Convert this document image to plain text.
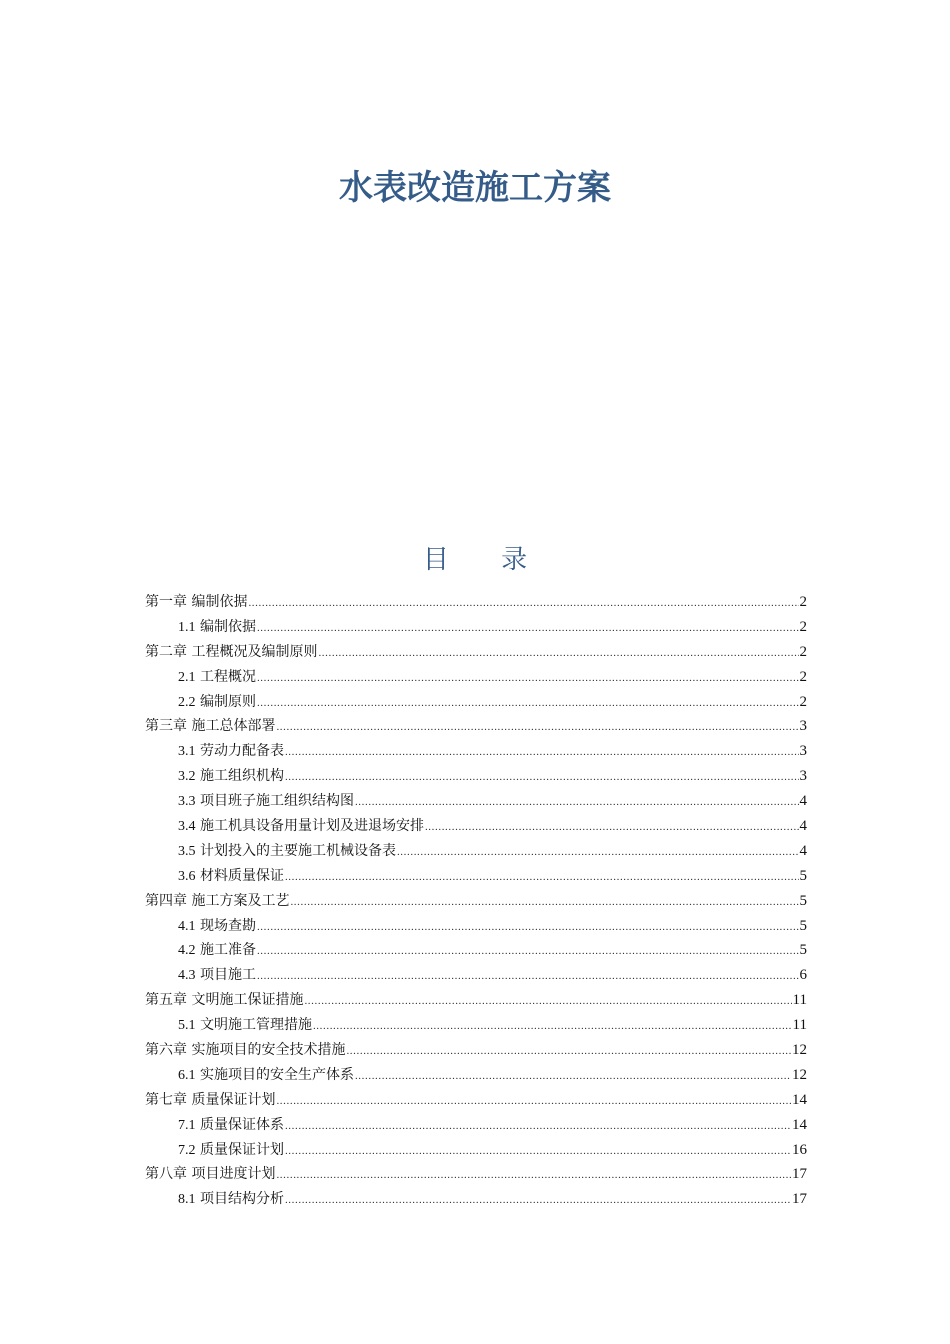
水表改造施工方案
目 录
第一章 编制依据 .....	2
1.1 编制依据 .....	2
第二章 工程概况及编制原则 .....	2
2.1 工程概况 .....	2
2.2 编制原则 .....	2
第三章 施工总体部署 .....	3
3.1 劳动力配备表 .....	3
3.2 施工组织机构 .....	3
3.3 项目班子施工组织结构图 .....	4
3.4 施工机具设备用量计划及进退场安排 .....	4
3.5 计划投入的主要施工机械设备表 .....	4
3.6 材料质量保证 .....	5
第四章 施工方案及工艺 .....	5
4.1 现场查勘 .....	5
4.2 施工准备 .....	5
4.3 项目施工 .....	6
第五章 文明施工保证措施 .....	11
5.1 文明施工管理措施 .....	11
第六章 实施项目的安全技术措施 .....	12
6.1 实施项目的安全生产体系 .....	12
第七章 质量保证计划 .....	14
7.1 质量保证体系 .....	14
7.2 质量保证计划 .....	16
第八章 项目进度计划 .....	17
8.1 项目结构分析 .....	17
